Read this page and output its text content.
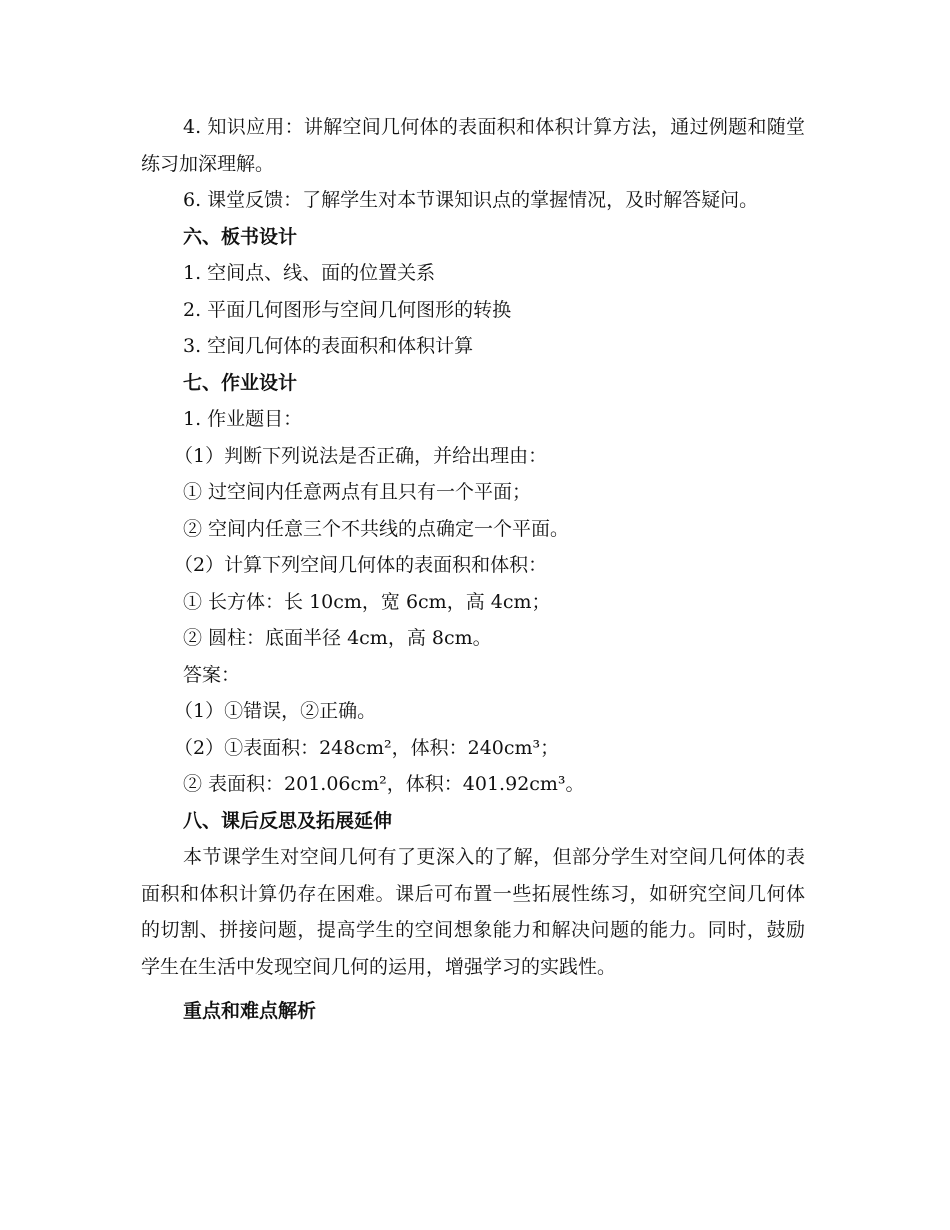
4. 知识应用：讲解空间几何体的表面积和体积计算方法，通过例题和随堂练习加深理解。

6. 课堂反馈：了解学生对本节课知识点的掌握情况，及时解答疑问。

六、板书设计

1. 空间点、线、面的位置关系

2. 平面几何图形与空间几何图形的转换

3. 空间几何体的表面积和体积计算

七、作业设计

1. 作业题目：

（1）判断下列说法是否正确，并给出理由：

① 过空间内任意两点有且只有一个平面；

② 空间内任意三个不共线的点确定一个平面。

（2）计算下列空间几何体的表面积和体积：

① 长方体：长 10cm，宽 6cm，高 4cm；

② 圆柱：底面半径 4cm，高 8cm。

答案：

（1）①错误，②正确。

（2）①表面积：248cm²，体积：240cm³；

② 表面积：201.06cm²，体积：401.92cm³。

八、课后反思及拓展延伸

本节课学生对空间几何有了更深入的了解，但部分学生对空间几何体的表面积和体积计算仍存在困难。课后可布置一些拓展性练习，如研究空间几何体的切割、拼接问题，提高学生的空间想象能力和解决问题的能力。同时，鼓励学生在生活中发现空间几何的运用，增强学习的实践性。

重点和难点解析
